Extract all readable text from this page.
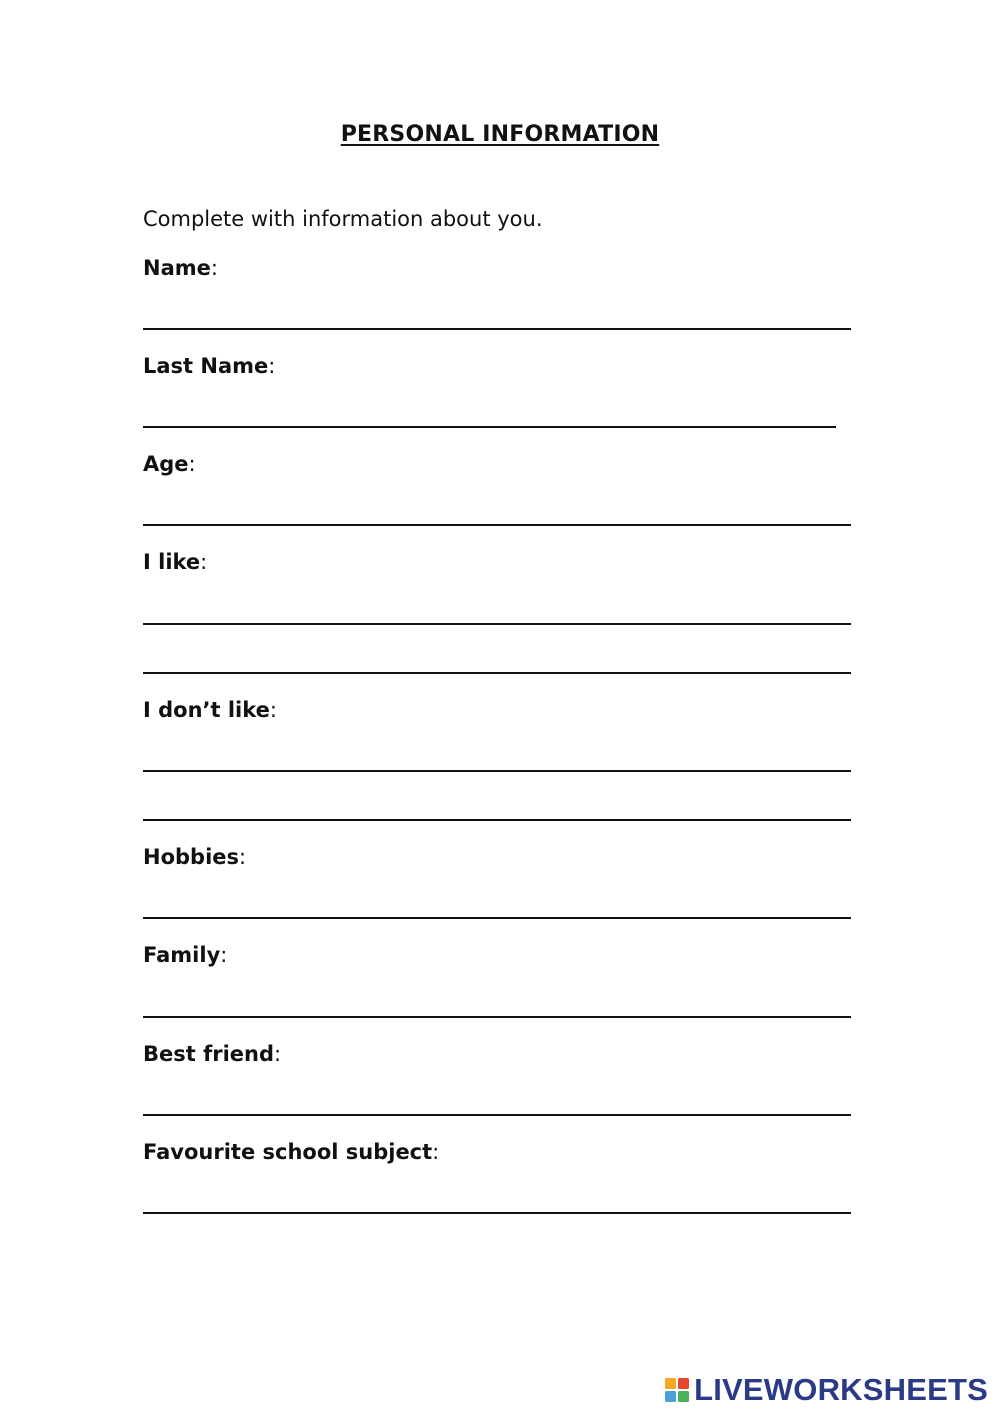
PERSONAL INFORMATION
Complete with information about you.
Name:
Last Name:
Age:
I like:
I don’t like:
Hobbies:
Family:
Best friend:
Favourite school subject:
LIVEWORKSHEETS
